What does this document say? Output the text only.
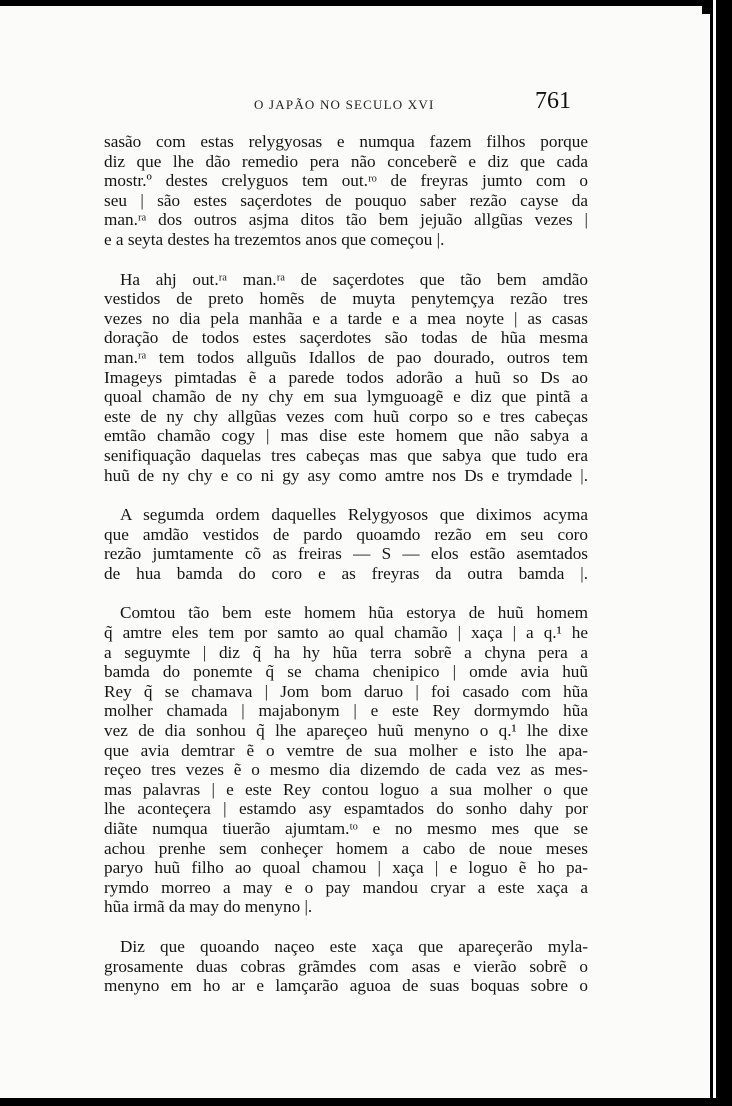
O JAPÃO NO SECULO XVI	761
sasão com estas relygyosas e numqua fazem filhos porque
diz que lhe dão remedio pera não conceberẽ e diz que cada
mostr.º destes crelyguos tem out.ʳᵒ de freyras jumto com o
seu | são estes saçerdotes de pouquo saber rezão cayse da
man.ʳᵃ dos outros asjma ditos tão bem jejuão allgũas vezes |
e a seyta destes ha trezemtos anos que começou |.
Ha ahj out.ʳᵃ man.ʳᵃ de saçerdotes que tão bem amdão
vestidos de preto homẽs de muyta penytemçya rezão tres
vezes no dia pela manhãa e a tarde e a mea noyte | as casas
doração de todos estes saçerdotes são todas de hũa mesma
man.ʳᵃ tem todos allguũs Idallos de pao dourado, outros tem
Imageys pimtadas ẽ a parede todos adorão a huũ so Ds ao
quoal chamão de ny chy em sua lymguoagẽ e diz que pintã a
este de ny chy allgũas vezes com huũ corpo so e tres cabeças
emtão chamão cogy | mas dise este homem que não sabya a
senifiquação daquelas tres cabeças mas que sabya que tudo era
huũ de ny chy e co ni gy asy como amtre nos Ds e trymdade |.
A segumda ordem daquelles Relygyosos que diximos acyma
que amdão vestidos de pardo quoamdo rezão em seu coro
rezão jumtamente cõ as freiras — S — elos estão asemtados
de hua bamda do coro e as freyras da outra bamda |.
Comtou tão bem este homem hũa estorya de huũ homem
q̃ amtre eles tem por samto ao qual chamão | xaça | a q.¹ he
a seguymte | diz q̃ ha hy hũa terra sobrẽ a chyna pera a
bamda do ponemte q̃ se chama chenipico | omde avia huũ
Rey q̃ se chamava | Jom bom daruo | foi casado com hũa
molher chamada | majabonym | e este Rey dormymdo hũa
vez de dia sonhou q̃ lhe apareçeo huũ menyno o q.¹ lhe dixe
que avia demtrar ẽ o vemtre de sua molher e isto lhe apa-
reçeo tres vezes ẽ o mesmo dia dizemdo de cada vez as mes-
mas palavras | e este Rey contou loguo a sua molher o que
lhe aconteçera | estamdo asy espamtados do sonho dahy por
diãte numqua tiuerão ajumtam.ᵗᵒ e no mesmo mes que se
achou prenhe sem conheçer homem a cabo de noue meses
paryo huũ filho ao quoal chamou | xaça | e loguo ẽ ho pa-
rymdo morreo a may e o pay mandou cryar a este xaça a
hũa irmã da may do menyno |.
Diz que quoando naçeo este xaça que apareçerão myla-
grosamente duas cobras grãmdes com asas e vierão sobrẽ o
menyno em ho ar e lamçarão aguoa de suas boquas sobre o
